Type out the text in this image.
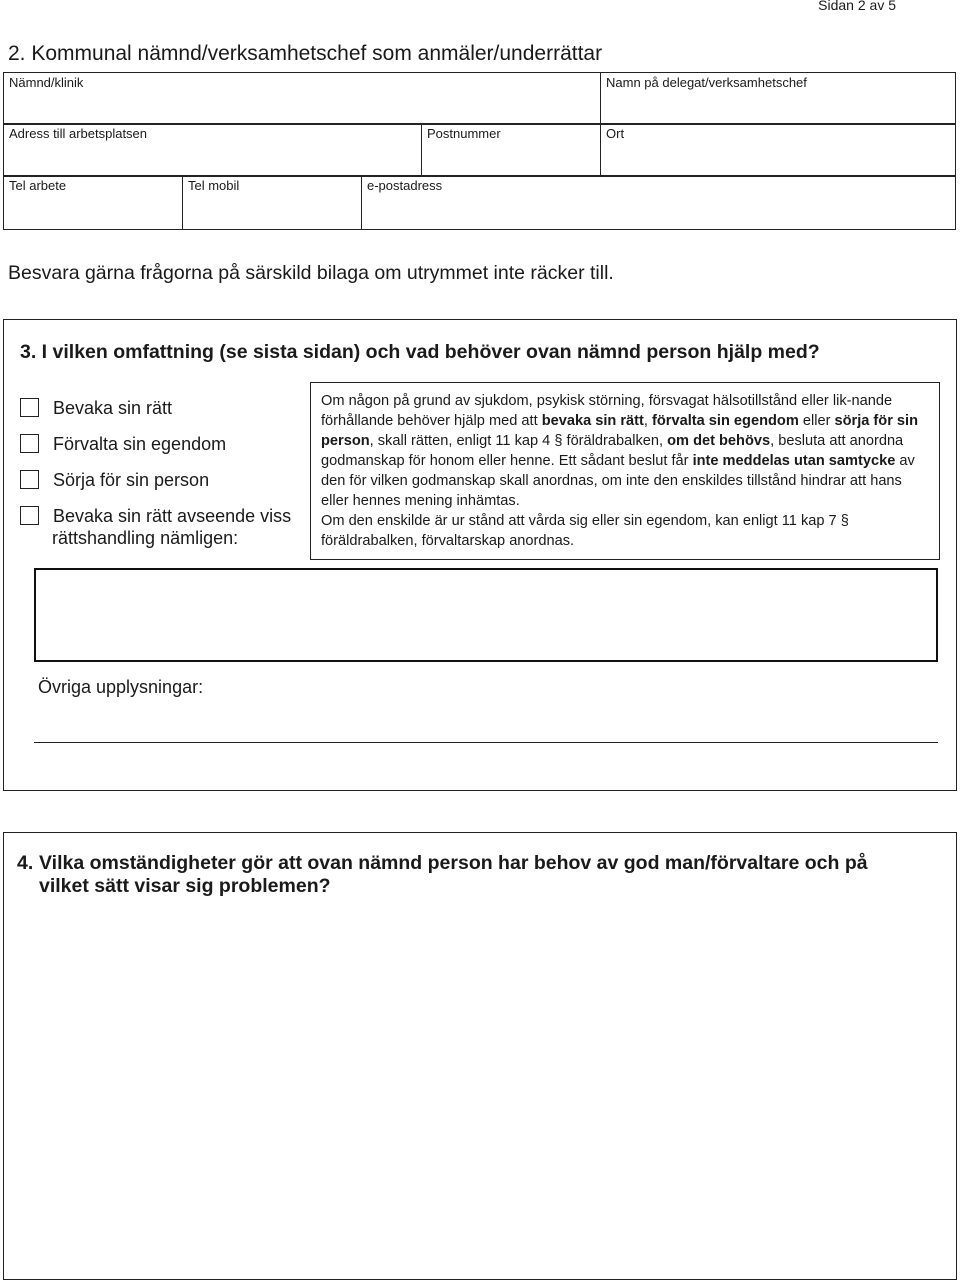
Sidan 2 av 5
2. Kommunal nämnd/verksamhetschef som anmäler/underrättar
Nämnd/klinik	Namn på delegat/verksamhetschef
Adress till arbetsplatsen	Postnummer	Ort
Tel arbete	Tel mobil	e-postadress
Besvara gärna frågorna på särskild bilaga om utrymmet inte räcker till.
3. I vilken omfattning (se sista sidan) och vad behöver ovan nämnd person hjälp med?
Bevaka sin rätt
Förvalta sin egendom
Sörja för sin person
Bevaka sin rätt avseende viss
rättshandling nämligen:

Om någon på grund av sjukdom, psykisk störning, försvagat hälsotillstånd eller lik-nande förhållande behöver hjälp med att bevaka sin rätt, förvalta sin egendom eller sörja för sin person, skall rätten, enligt 11 kap 4 § föräldrabalken, om det behövs, besluta att anordna godmanskap för honom eller henne. Ett sådant beslut får inte meddelas utan samtycke av den för vilken godmanskap skall anordnas, om inte den enskildes tillstånd hindrar att hans eller hennes mening inhämtas.

Om den enskilde är ur stånd att vårda sig eller sin egendom, kan enligt 11 kap 7 § föräldrabalken, förvaltarskap anordnas.

Övriga upplysningar:
4. Vilka omständigheter gör att ovan nämnd person har behov av god man/förvaltare och på
vilket sätt visar sig problemen?
